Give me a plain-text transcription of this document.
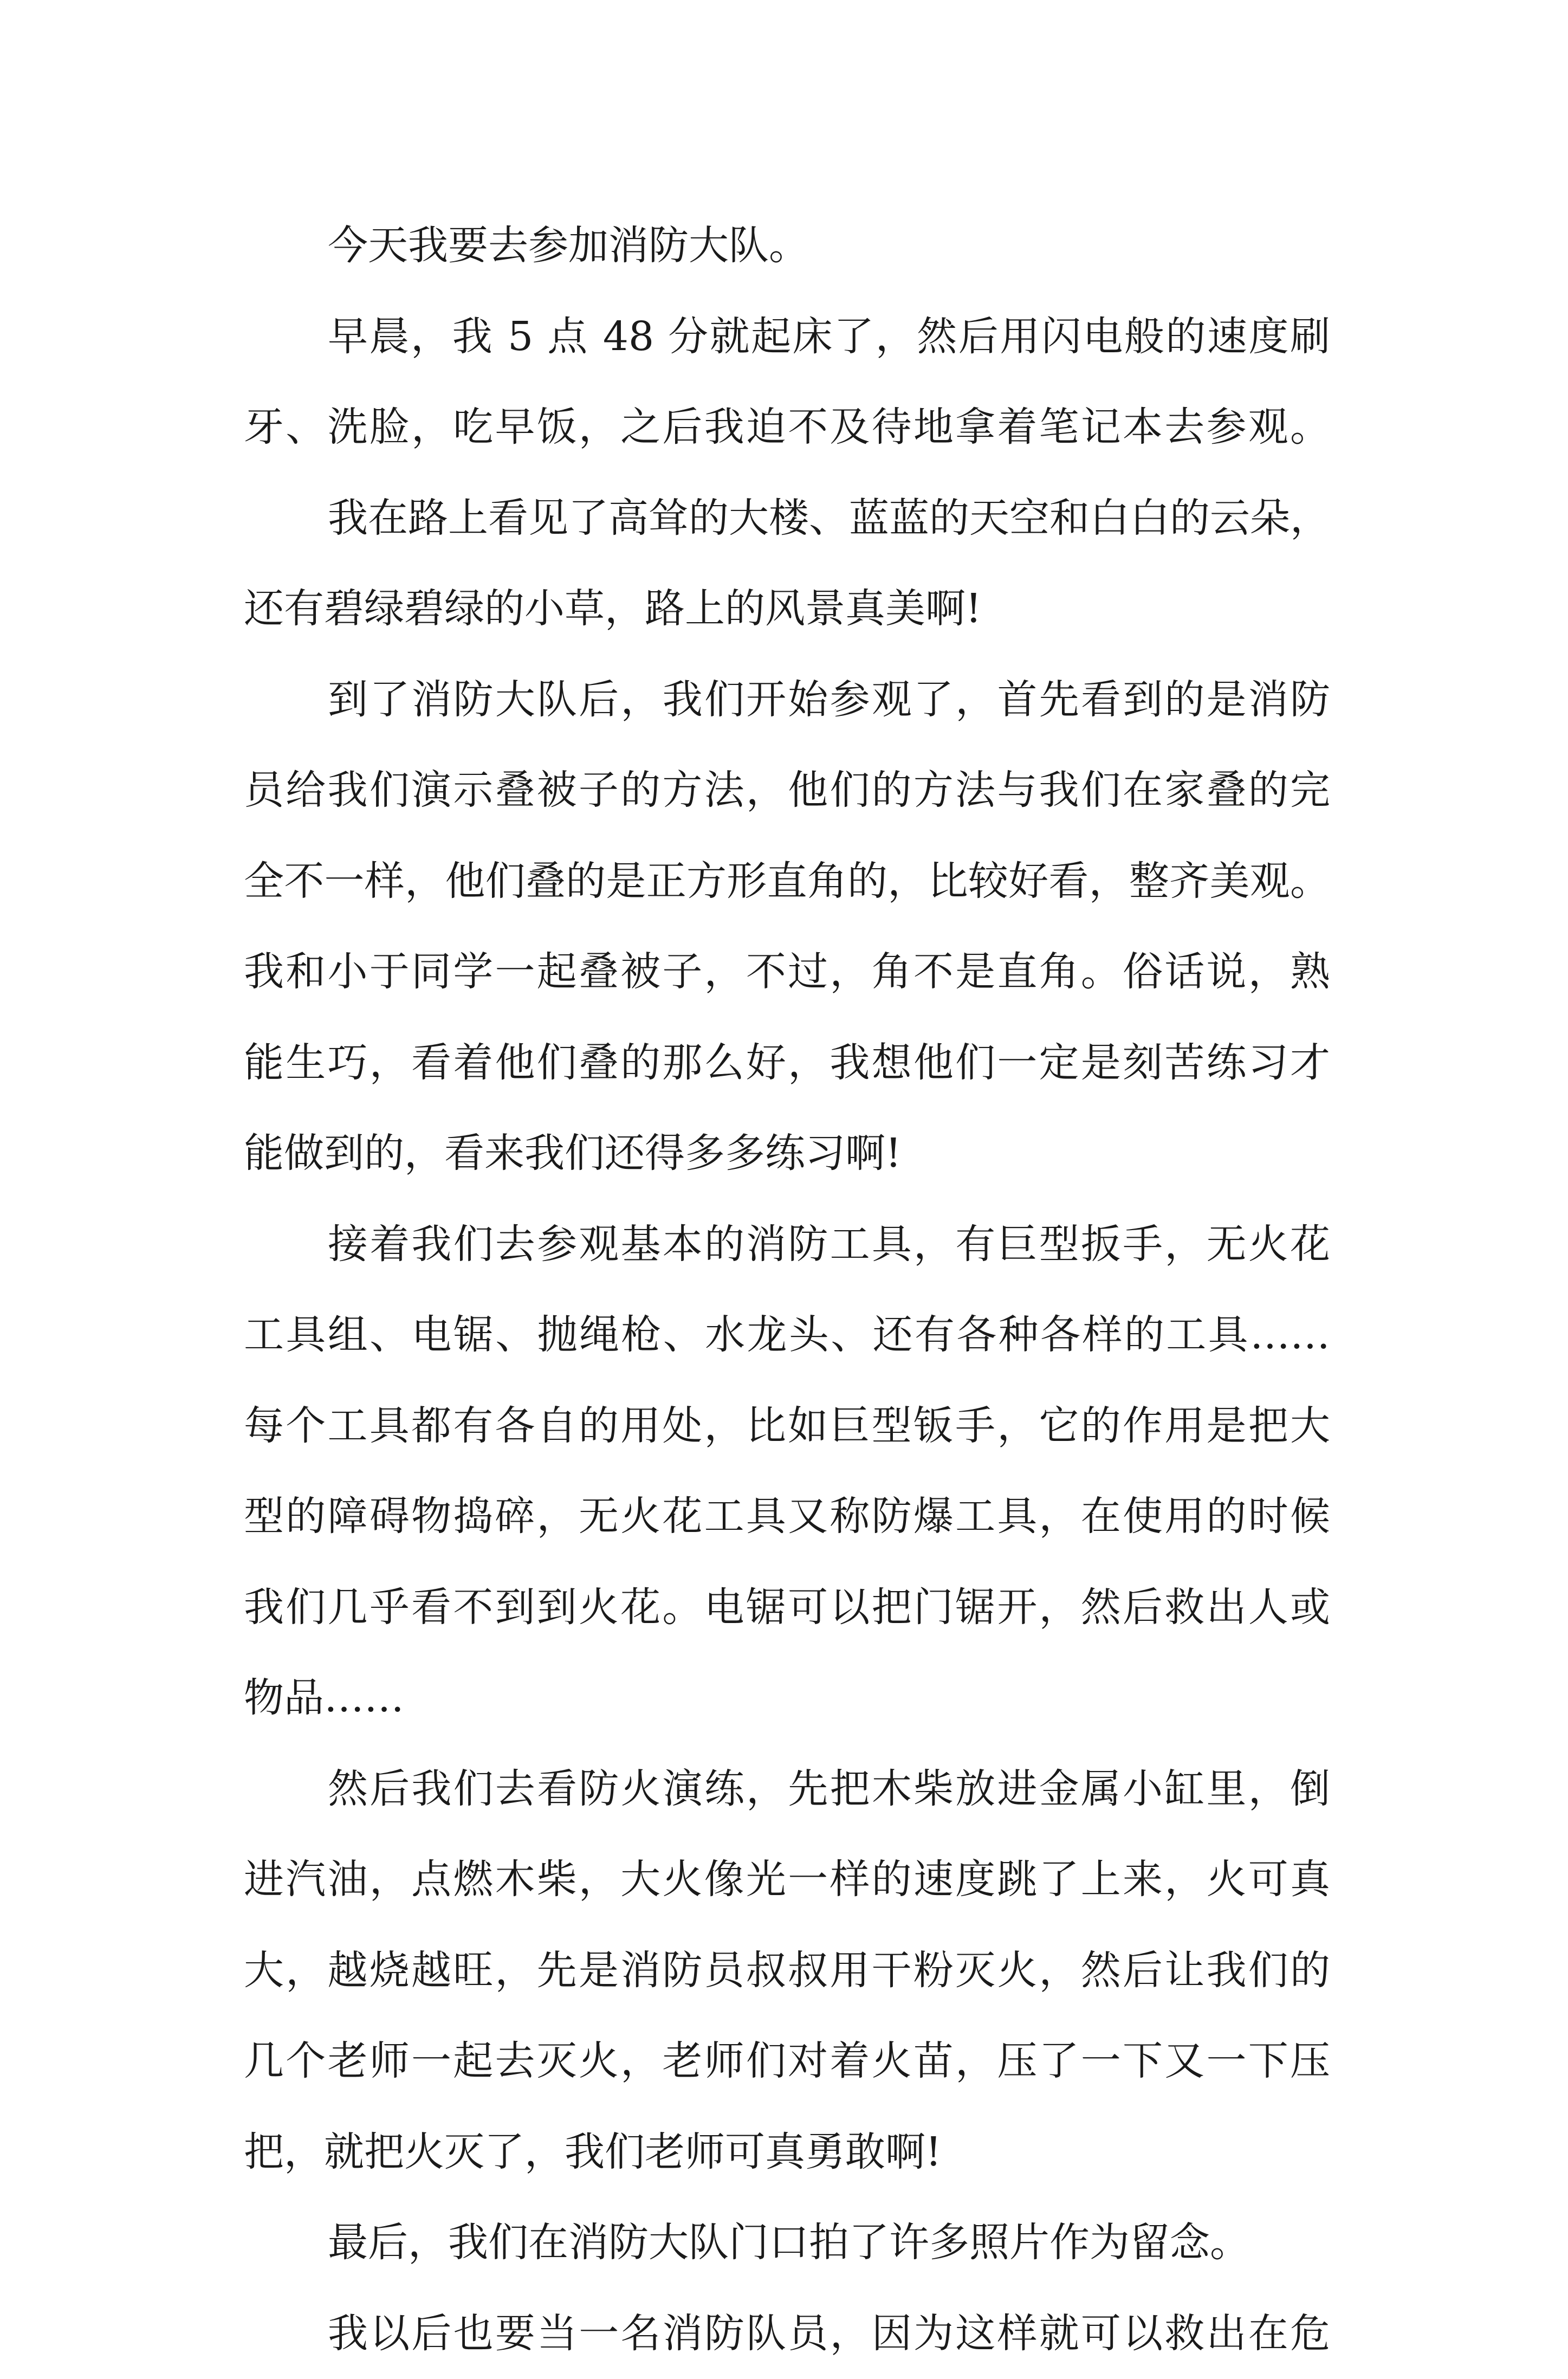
今天我要去参加消防大队。
早晨，我 5 点 48 分就起床了，然后用闪电般的速度刷
牙、洗脸，吃早饭，之后我迫不及待地拿着笔记本去参观。
我在路上看见了高耸的大楼、蓝蓝的天空和白白的云朵，
还有碧绿碧绿的小草，路上的风景真美啊!
到了消防大队后，我们开始参观了，首先看到的是消防
员给我们演示叠被子的方法，他们的方法与我们在家叠的完
全不一样，他们叠的是正方形直角的，比较好看，整齐美观。
我和小于同学一起叠被子，不过，角不是直角。俗话说，熟
能生巧，看着他们叠的那么好，我想他们一定是刻苦练习才
能做到的，看来我们还得多多练习啊!
接着我们去参观基本的消防工具，有巨型扳手，无火花
工具组、电锯、抛绳枪、水龙头、还有各种各样的工具……
每个工具都有各自的用处，比如巨型钣手，它的作用是把大
型的障碍物捣碎，无火花工具又称防爆工具，在使用的时候
我们几乎看不到到火花。电锯可以把门锯开，然后救出人或
物品……
然后我们去看防火演练，先把木柴放进金属小缸里，倒
进汽油，点燃木柴，大火像光一样的速度跳了上来，火可真
大，越烧越旺，先是消防员叔叔用干粉灭火，然后让我们的
几个老师一起去灭火，老师们对着火苗，压了一下又一下压
把，就把火灭了，我们老师可真勇敢啊!
最后，我们在消防大队门口拍了许多照片作为留念。
我以后也要当一名消防队员，因为这样就可以救出在危
